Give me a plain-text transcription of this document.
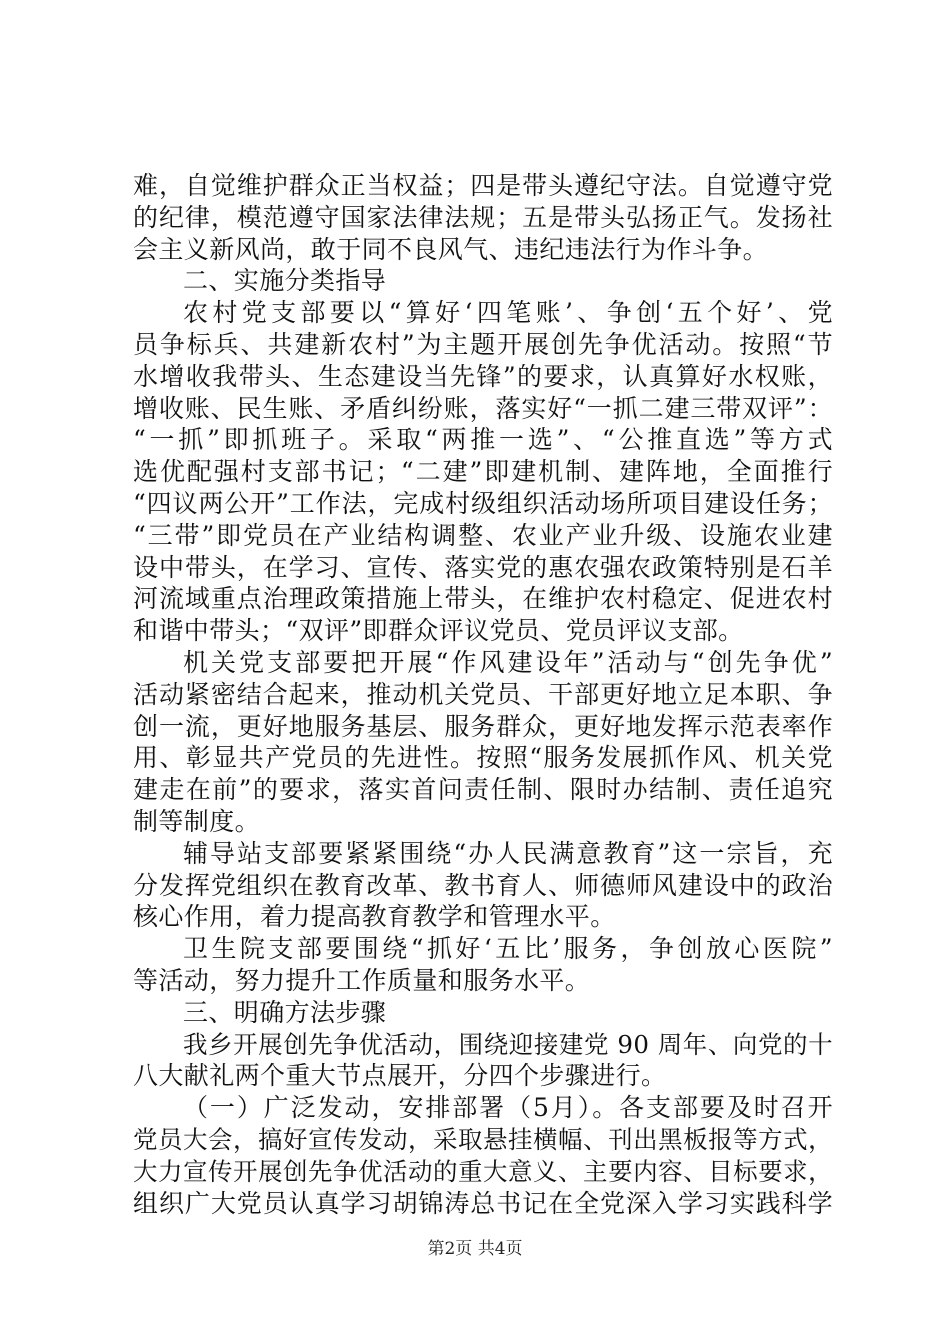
难，自觉维护群众正当权益；四是带头遵纪守法。自觉遵守党
的纪律，模范遵守国家法律法规；五是带头弘扬正气。发扬社
会主义新风尚，敢于同不良风气、违纪违法行为作斗争。
二、实施分类指导
农村党支部要以“算好‘四笔账’、争创‘五个好’、党
员争标兵、共建新农村”为主题开展创先争优活动。按照“节
水增收我带头、生态建设当先锋”的要求，认真算好水权账，
增收账、民生账、矛盾纠纷账，落实好“一抓二建三带双评”：
“一抓”即抓班子。采取“两推一选”、“公推直选”等方式
选优配强村支部书记；“二建”即建机制、建阵地，全面推行
“四议两公开”工作法，完成村级组织活动场所项目建设任务；
“三带”即党员在产业结构调整、农业产业升级、设施农业建
设中带头，在学习、宣传、落实党的惠农强农政策特别是石羊
河流域重点治理政策措施上带头，在维护农村稳定、促进农村
和谐中带头；“双评”即群众评议党员、党员评议支部。
机关党支部要把开展“作风建设年”活动与“创先争优”
活动紧密结合起来，推动机关党员、干部更好地立足本职、争
创一流，更好地服务基层、服务群众，更好地发挥示范表率作
用、彰显共产党员的先进性。按照“服务发展抓作风、机关党
建走在前”的要求，落实首问责任制、限时办结制、责任追究
制等制度。
辅导站支部要紧紧围绕“办人民满意教育”这一宗旨，充
分发挥党组织在教育改革、教书育人、师德师风建设中的政治
核心作用，着力提高教育教学和管理水平。
卫生院支部要围绕“抓好‘五比’服务，争创放心医院”
等活动，努力提升工作质量和服务水平。
三、明确方法步骤
我乡开展创先争优活动，围绕迎接建党 90 周年、向党的十
八大献礼两个重大节点展开，分四个步骤进行。
（一）广泛发动，安排部署（5月）。各支部要及时召开
党员大会，搞好宣传发动，采取悬挂横幅、刊出黑板报等方式，
大力宣传开展创先争优活动的重大意义、主要内容、目标要求，
组织广大党员认真学习胡锦涛总书记在全党深入学习实践科学
第2页 共4页
